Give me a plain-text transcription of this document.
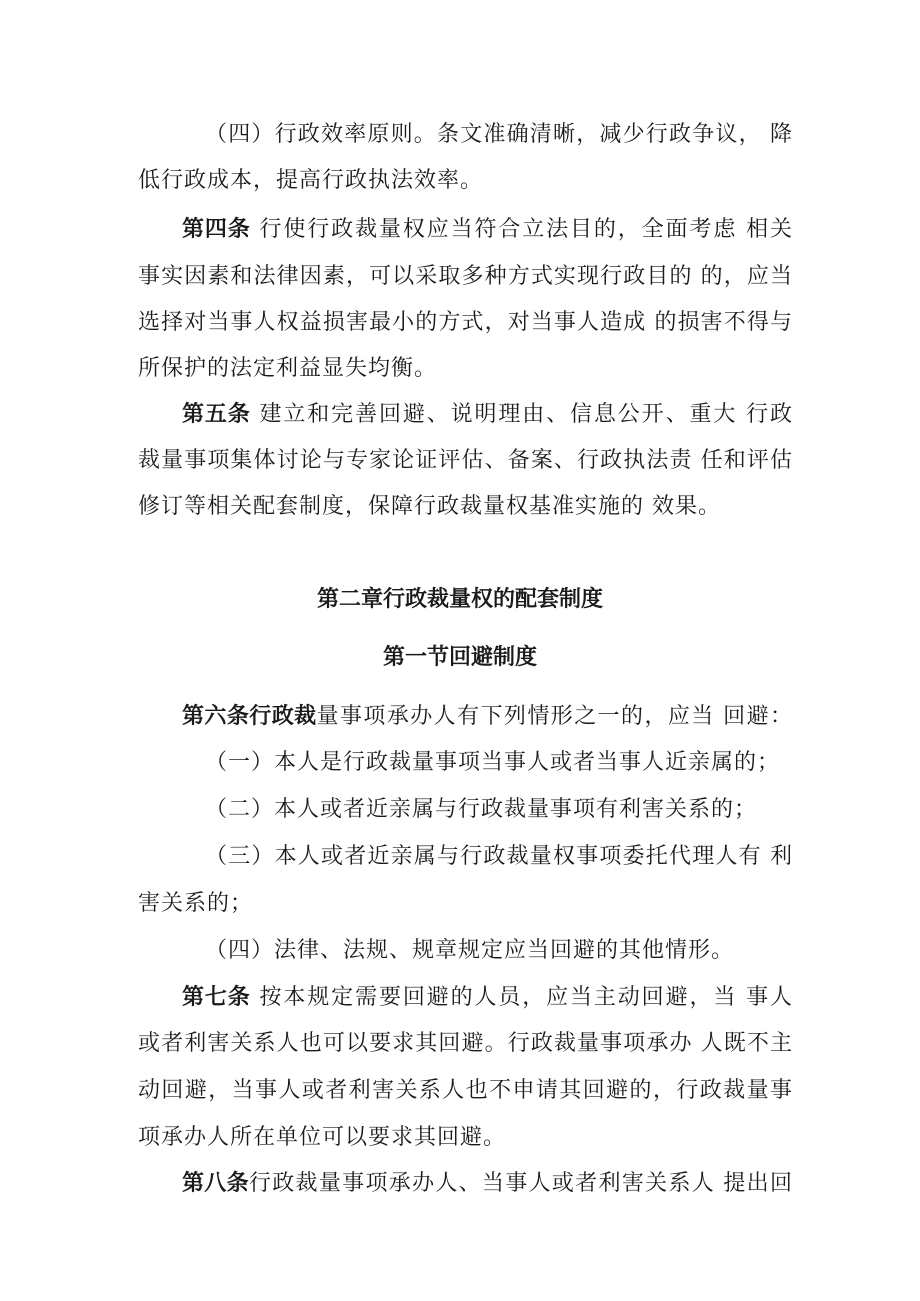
（四）行政效率原则。条文准确清晰，减少行政争议， 降
低行政成本，提高行政执法效率。
第四条 行使行政裁量权应当符合立法目的，全面考虑 相关
事实因素和法律因素，可以采取多种方式实现行政目的 的，应当
选择对当事人权益损害最小的方式，对当事人造成 的损害不得与
所保护的法定利益显失均衡。
第五条 建立和完善回避、说明理由、信息公开、重大 行政
裁量事项集体讨论与专家论证评估、备案、行政执法责 任和评估
修订等相关配套制度，保障行政裁量权基准实施的 效果。
第二章行政裁量权的配套制度
第一节回避制度
第六条行政裁量事项承办人有下列情形之一的，应当 回避：
（一）本人是行政裁量事项当事人或者当事人近亲属的；
（二）本人或者近亲属与行政裁量事项有利害关系的；
（三）本人或者近亲属与行政裁量权事项委托代理人有 利
害关系的；
（四）法律、法规、规章规定应当回避的其他情形。
第七条 按本规定需要回避的人员，应当主动回避，当 事人
或者利害关系人也可以要求其回避。行政裁量事项承办 人既不主
动回避，当事人或者利害关系人也不申请其回避的，行政裁量事
项承办人所在单位可以要求其回避。
第八条行政裁量事项承办人、当事人或者利害关系人 提出回
